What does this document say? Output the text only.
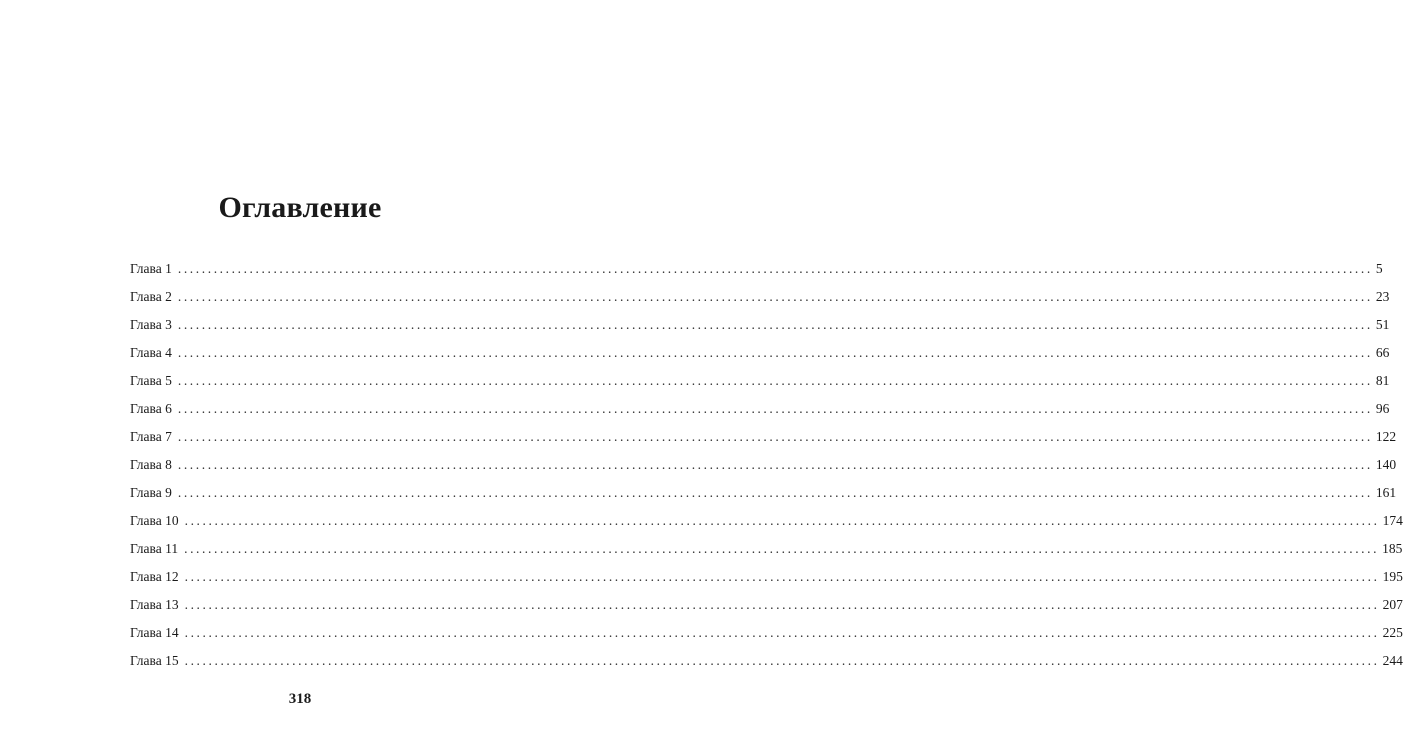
Оглавление
Глава 1 ........................................................................................................................................................................................................ 5
Глава 2 ........................................................................................................................................................................................................ 23
Глава 3 ........................................................................................................................................................................................................ 51
Глава 4 ........................................................................................................................................................................................................ 66
Глава 5 ........................................................................................................................................................................................................ 81
Глава 6 ........................................................................................................................................................................................................ 96
Глава 7 ........................................................................................................................................................................................................ 122
Глава 8 ........................................................................................................................................................................................................ 140
Глава 9 ........................................................................................................................................................................................................ 161
Глава 10 ........................................................................................................................................................................................................ 174
Глава 11 ........................................................................................................................................................................................................ 185
Глава 12 ........................................................................................................................................................................................................ 195
Глава 13 ........................................................................................................................................................................................................ 207
Глава 14 ........................................................................................................................................................................................................ 225
Глава 15 ........................................................................................................................................................................................................ 244
318
